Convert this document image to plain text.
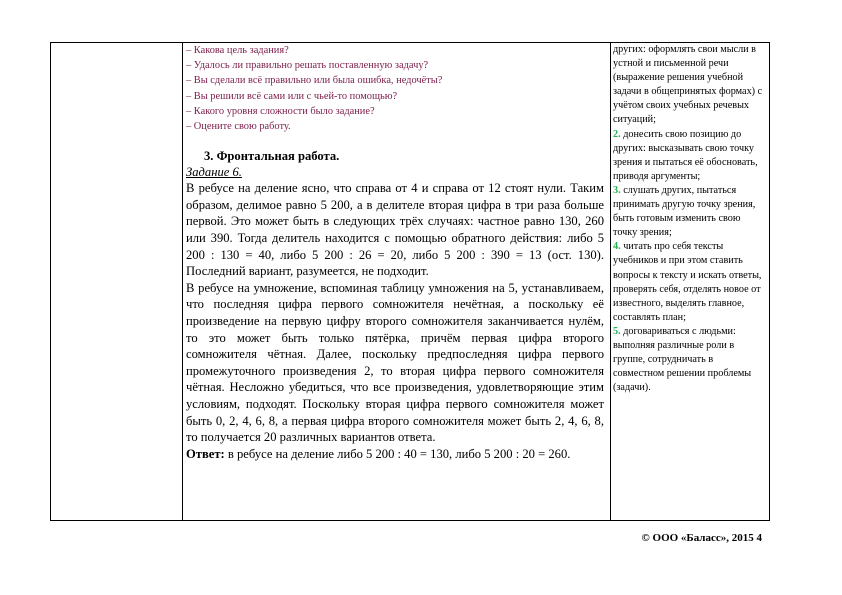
– Какова цель задания?
– Удалось ли правильно решать поставленную задачу?
– Вы сделали всё правильно или была ошибка, недочёты?
– Вы решили всё сами или с чьей-то помощью?
– Какого уровня сложности было задание?
– Оцените свою работу.
3. Фронтальная работа.
Задание 6.

В ребусе на деление ясно, что справа от 4 и справа от 12 стоят нули. Таким образом, делимое равно 5 200, а в делителе вторая цифра в три раза больше первой. Это может быть в следующих трёх случаях: частное равно 130, 260 или 390. Тогда делитель находится с помощью обратного действия: либо 5 200 : 130 = 40, либо 5 200 : 26 = 20, либо 5 200 : 390 = 13 (ост. 130). Последний вариант, разумеется, не подходит.

В ребусе на умножение, вспоминая таблицу умножения на 5, устанавливаем, что последняя цифра первого сомножителя нечётная, а поскольку её произведение на первую цифру второго сомножителя заканчивается нулём, то это может быть только пятёрка, причём первая цифра второго сомножителя чётная. Далее, поскольку предпоследняя цифра первого промежуточного произведения 2, то вторая цифра первого сомножителя чётная. Несложно убедиться, что все произведения, удовлетворяющие этим условиям, подходят. Поскольку вторая цифра первого сомножителя может быть 0, 2, 4, 6, 8, а первая цифра второго сомножителя может быть 2, 4, 6, 8, то получается 20 различных вариантов ответа.

Ответ: в ребусе на деление либо 5 200 : 40 = 130, либо 5 200 : 20 = 260.

других: оформлять свои мысли в устной и письменной речи (выражение решения учебной задачи в общепринятых формах) с учётом своих учебных речевых ситуаций;

2. донесить свою позицию до других: высказывать свою точку зрения и пытаться её обосновать, приводя аргументы;

3. слушать других, пытаться принимать другую точку зрения, быть готовым изменить свою точку зрения;

4. читать про себя тексты учебников и при этом ставить вопросы к тексту и искать ответы, проверять себя, отделять новое от известного, выделять главное, составлять план;

5. договариваться с людьми: выполняя различные роли в группе, сотрудничать в совместном решении проблемы (задачи).

© ООО «Баласс», 2015 4
